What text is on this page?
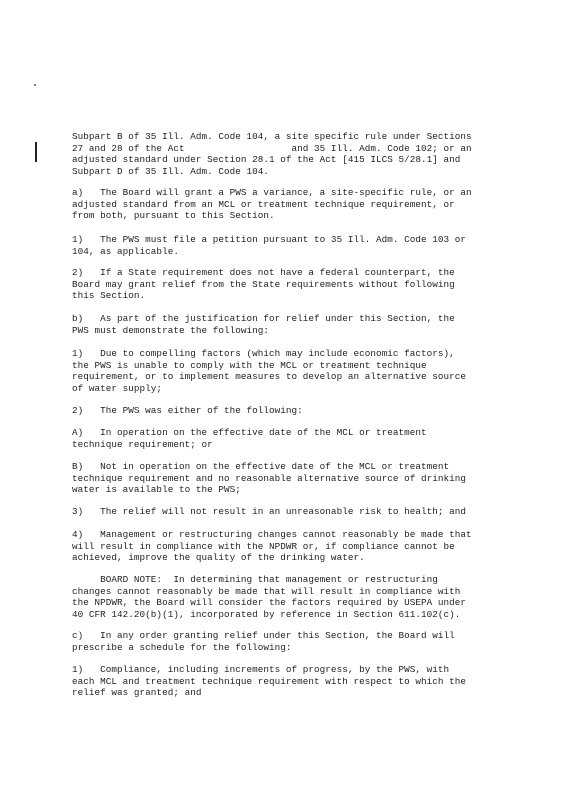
Subpart B of 35 Ill. Adm. Code 104, a site specific rule under Sections
27 and 28 of the Act                   and 35 Ill. Adm. Code 102; or an
adjusted standard under Section 28.1 of the Act [415 ILCS 5/28.1] and
Subpart D of 35 Ill. Adm. Code 104.
a)   The Board will grant a PWS a variance, a site-specific rule, or an
adjusted standard from an MCL or treatment technique requirement, or
from both, pursuant to this Section.
1)   The PWS must file a petition pursuant to 35 Ill. Adm. Code 103 or
104, as applicable.
2)   If a State requirement does not have a federal counterpart, the
Board may grant relief from the State requirements without following
this Section.
b)   As part of the justification for relief under this Section, the
PWS must demonstrate the following:
1)   Due to compelling factors (which may include economic factors),
the PWS is unable to comply with the MCL or treatment technique
requirement, or to implement measures to develop an alternative source
of water supply;
2)   The PWS was either of the following:
A)   In operation on the effective date of the MCL or treatment
technique requirement; or
B)   Not in operation on the effective date of the MCL or treatment
technique requirement and no reasonable alternative source of drinking
water is available to the PWS;
3)   The relief will not result in an unreasonable risk to health; and
4)   Management or restructuring changes cannot reasonably be made that
will result in compliance with the NPDWR or, if compliance cannot be
achieved, improve the quality of the drinking water.
BOARD NOTE:  In determining that management or restructuring
changes cannot reasonably be made that will result in compliance with
the NPDWR, the Board will consider the factors required by USEPA under
40 CFR 142.20(b)(1), incorporated by reference in Section 611.102(c).
c)   In any order granting relief under this Section, the Board will
prescribe a schedule for the following:
1)   Compliance, including increments of progress, by the PWS, with
each MCL and treatment technique requirement with respect to which the
relief was granted; and
